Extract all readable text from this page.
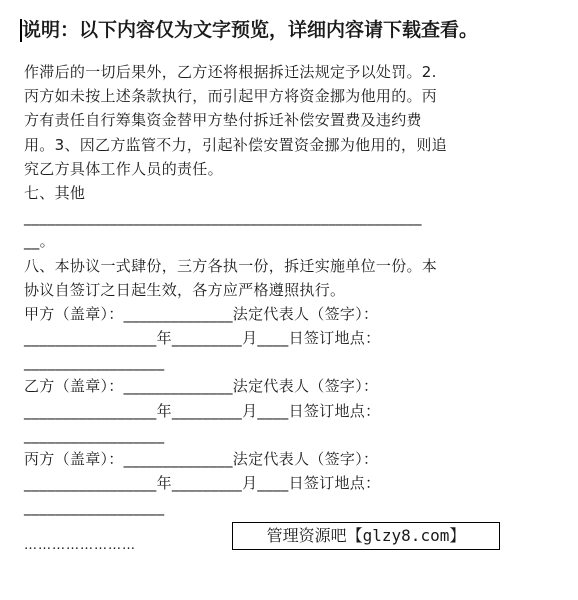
说明：以下内容仅为文字预览，详细内容请下载查看。
作滞后的一切后果外，乙方还将根据拆迁法规定予以处罚。2.
丙方如未按上述条款执行，而引起甲方将资金挪为他用的。丙
方有责任自行筹集资金替甲方垫付拆迁补偿安置费及违约费
用。3、因乙方监管不力，引起补偿安置资金挪为他用的，则追
究乙方具体工作人员的责任。
七、其他
___________________________________________________
__。
八、本协议一式肆份，三方各执一份，拆迁实施单位一份。本
协议自签订之日起生效，各方应严格遵照执行。
甲方（盖章）：______________法定代表人（签字）：
_________________年_________月____日签订地点：
__________________
乙方（盖章）：______________法定代表人（签字）：
_________________年_________月____日签订地点：
__________________
丙方（盖章）：______________法定代表人（签字）：
_________________年_________月____日签订地点：
__________________
……………………
管理资源吧【glzy8.com】
